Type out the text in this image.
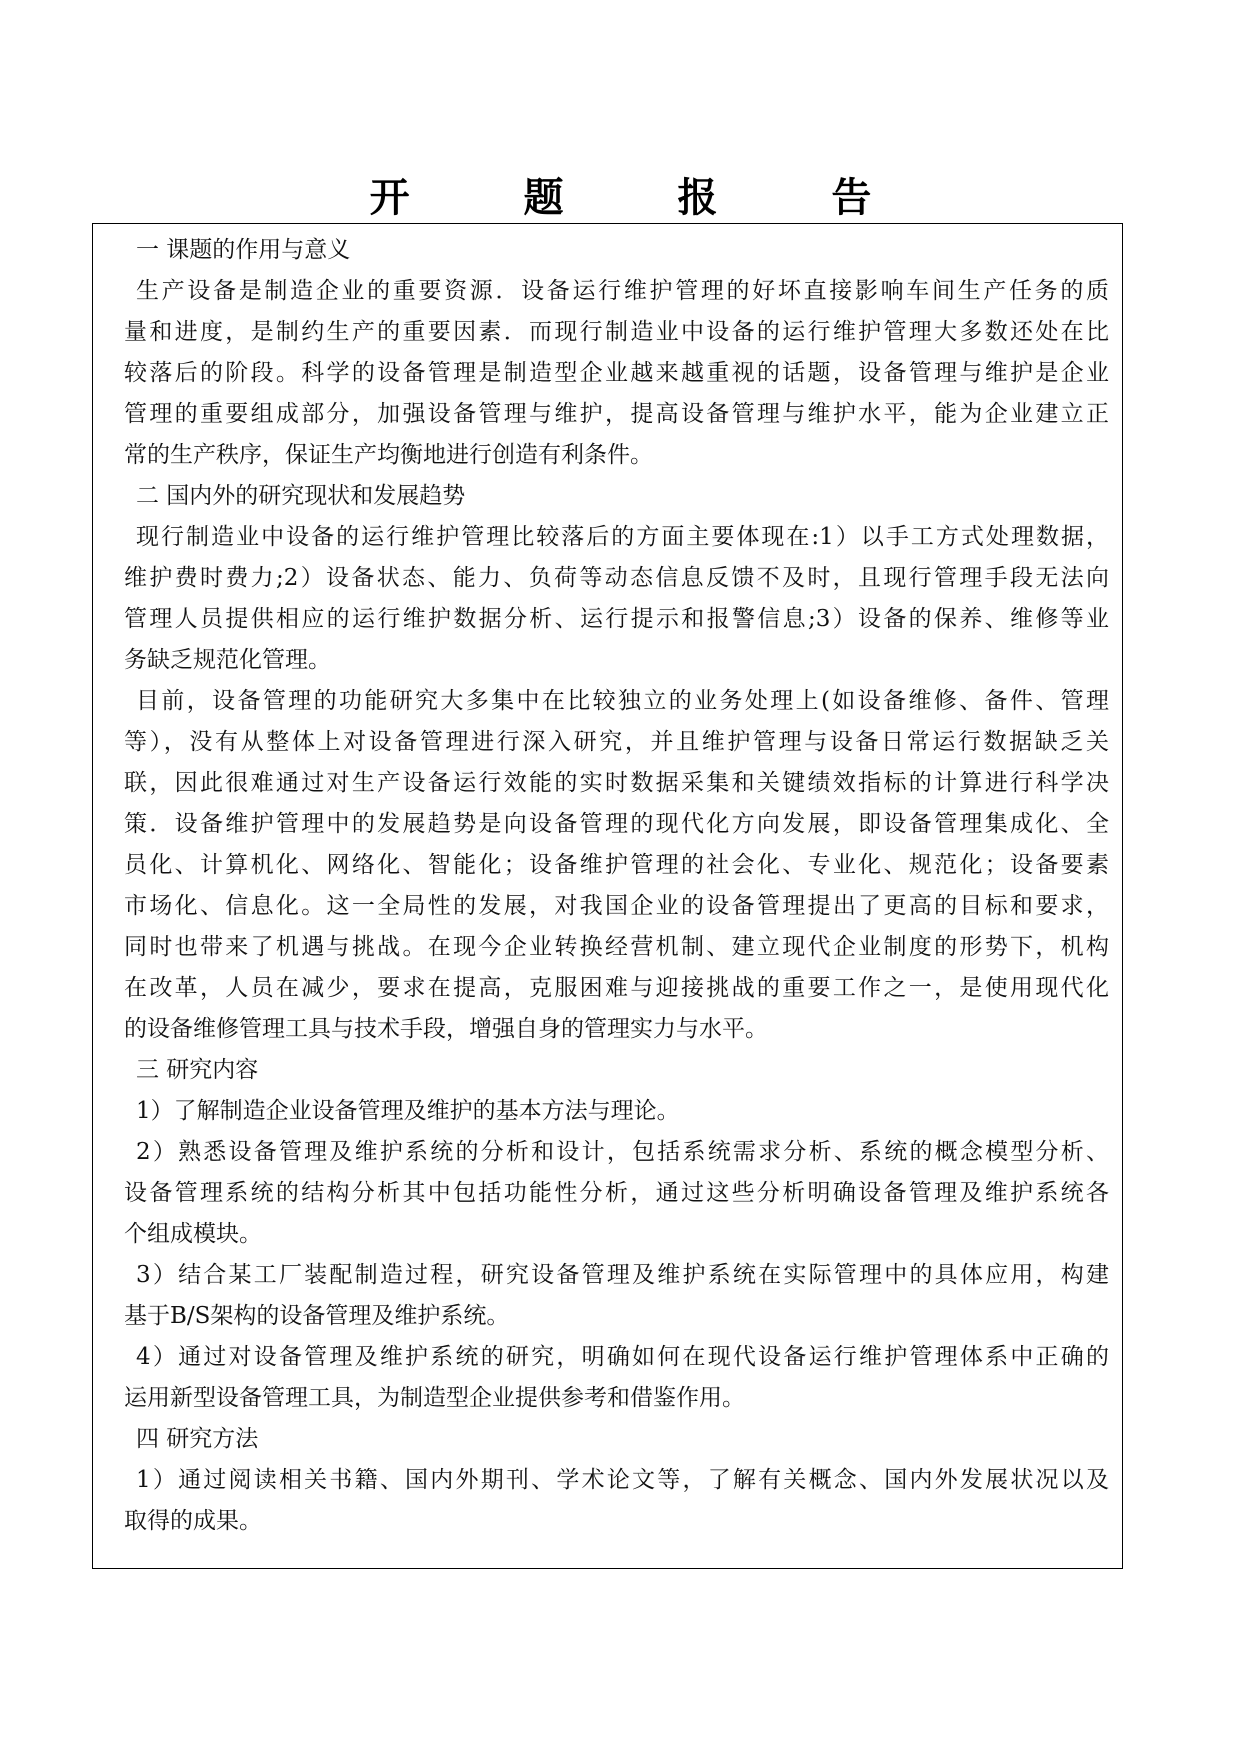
开 题 报 告
一 课题的作用与意义
生产设备是制造企业的重要资源．设备运行维护管理的好坏直接影响车间生产任务的质
量和进度，是制约生产的重要因素．而现行制造业中设备的运行维护管理大多数还处在比
较落后的阶段。科学的设备管理是制造型企业越来越重视的话题，设备管理与维护是企业
管理的重要组成部分，加强设备管理与维护，提高设备管理与维护水平，能为企业建立正
常的生产秩序，保证生产均衡地进行创造有利条件。
二 国内外的研究现状和发展趋势
现行制造业中设备的运行维护管理比较落后的方面主要体现在:1）以手工方式处理数据，
维护费时费力;2）设备状态、能力、负荷等动态信息反馈不及时，且现行管理手段无法向
管理人员提供相应的运行维护数据分析、运行提示和报警信息;3）设备的保养、维修等业
务缺乏规范化管理。
目前，设备管理的功能研究大多集中在比较独立的业务处理上(如设备维修、备件、管理
等），没有从整体上对设备管理进行深入研究，并且维护管理与设备日常运行数据缺乏关
联，因此很难通过对生产设备运行效能的实时数据采集和关键绩效指标的计算进行科学决
策．设备维护管理中的发展趋势是向设备管理的现代化方向发展，即设备管理集成化、全
员化、计算机化、网络化、智能化；设备维护管理的社会化、专业化、规范化；设备要素
市场化、信息化。这一全局性的发展，对我国企业的设备管理提出了更高的目标和要求，
同时也带来了机遇与挑战。在现今企业转换经营机制、建立现代企业制度的形势下，机构
在改革，人员在减少，要求在提高，克服困难与迎接挑战的重要工作之一，是使用现代化
的设备维修管理工具与技术手段，增强自身的管理实力与水平。
三 研究内容
1）了解制造企业设备管理及维护的基本方法与理论。
2）熟悉设备管理及维护系统的分析和设计，包括系统需求分析、系统的概念模型分析、
设备管理系统的结构分析其中包括功能性分析，通过这些分析明确设备管理及维护系统各
个组成模块。
3）结合某工厂装配制造过程，研究设备管理及维护系统在实际管理中的具体应用，构建
基于B/S架构的设备管理及维护系统。
4）通过对设备管理及维护系统的研究，明确如何在现代设备运行维护管理体系中正确的
运用新型设备管理工具，为制造型企业提供参考和借鉴作用。
四 研究方法
1）通过阅读相关书籍、国内外期刊、学术论文等，了解有关概念、国内外发展状况以及
取得的成果。
